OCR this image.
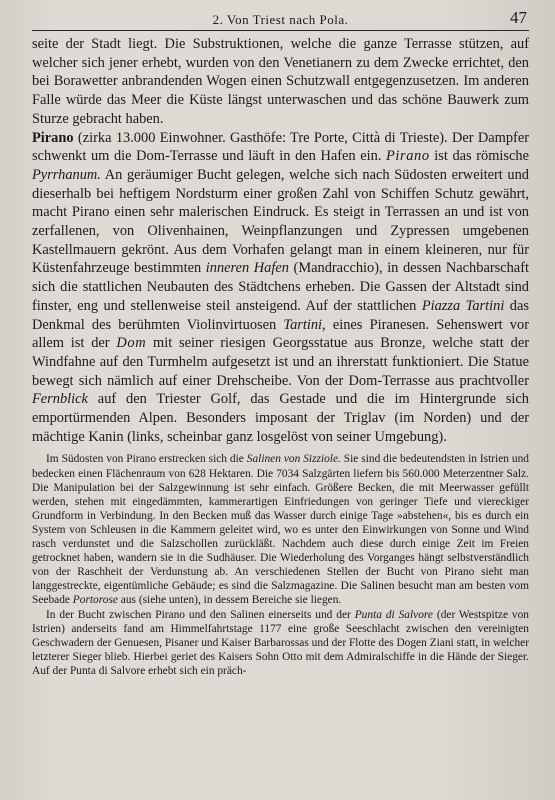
2. Von Triest nach Pola.	47

seite der Stadt liegt. Die Substruktionen, welche die ganze Terrasse stützen, auf welcher sich jener erhebt, wurden von den Venetianern zu dem Zwecke errichtet, den bei Borawetter anbrandenden Wogen einen Schutzwall entgegenzusetzen. Im anderen Falle würde das Meer die Küste längst unterwaschen und das schöne Bauwerk zum Sturze gebracht haben.

Pirano (zirka 13.000 Einwohner. Gasthöfe: Tre Porte, Città di Trieste). Der Dampfer schwenkt um die Dom-Terrasse und läuft in den Hafen ein. Pirano ist das römische Pyrrhanum. An geräumiger Bucht gelegen, welche sich nach Südosten erweitert und dieserhalb bei heftigem Nordsturm einer großen Zahl von Schiffen Schutz gewährt, macht Pirano einen sehr malerischen Eindruck. Es steigt in Terrassen an und ist von zerfallenen, von Olivenhainen, Weinpflanzungen und Zypressen umgebenen Kastellmauern gekrönt. Aus dem Vorhafen gelangt man in einem kleineren, nur für Küstenfahrzeuge bestimmten inneren Hafen (Mandracchio), in dessen Nachbarschaft sich die stattlichen Neubauten des Städtchens erheben. Die Gassen der Altstadt sind finster, eng und stellenweise steil ansteigend. Auf der stattlichen Piazza Tartini das Denkmal des berühmten Violinvirtuosen Tartini, eines Piranesen. Sehenswert vor allem ist der Dom mit seiner riesigen Georgsstatue aus Bronze, welche statt der Windfahne auf den Turmhelm aufgesetzt ist und an ihrerstatt funktioniert. Die Statue bewegt sich nämlich auf einer Drehscheibe. Von der Dom-Terrasse aus prachtvoller Fernblick auf den Triester Golf, das Gestade und die im Hintergrunde sich emportürmenden Alpen. Besonders imposant der Triglav (im Norden) und der mächtige Kanin (links, scheinbar ganz losgelöst von seiner Umgebung).

Im Südosten von Pirano erstrecken sich die Salinen von Sizziole. Sie sind die bedeutendsten in Istrien und bedecken einen Flächenraum von 628 Hektaren. Die 7034 Salzgärten liefern bis 560.000 Meterzentner Salz. Die Manipulation bei der Salzgewinnung ist sehr einfach. Größere Becken, die mit Meerwasser gefüllt werden, stehen mit eingedämmten, kammerartigen Einfriedungen von geringer Tiefe und viereckiger Grundform in Verbindung. In den Becken muß das Wasser durch einige Tage »abstehen«, bis es durch ein System von Schleusen in die Kammern geleitet wird, wo es unter den Einwirkungen von Sonne und Wind rasch verdunstet und die Salzschollen zurückläßt. Nachdem auch diese durch einige Zeit im Freien getrocknet haben, wandern sie in die Sudhäuser. Die Wiederholung des Vorganges hängt selbstverständlich von der Raschheit der Verdunstung ab. An verschiedenen Stellen der Bucht von Pirano sieht man langgestreckte, eigentümliche Gebäude; es sind die Salzmagazine. Die Salinen besucht man am besten vom Seebade Portorose aus (siehe unten), in dessem Bereiche sie liegen.

In der Bucht zwischen Pirano und den Salinen einerseits und der Punta di Salvore (der Westspitze von Istrien) anderseits fand am Himmelfahrtstage 1177 eine große Seeschlacht zwischen den vereinigten Geschwadern der Genuesen, Pisaner und Kaiser Barbarossas und der Flotte des Dogen Ziani statt, in welcher letzterer Sieger blieb. Hierbei geriet des Kaisers Sohn Otto mit dem Admiralschiffe in die Hände der Sieger. Auf der Punta di Salvore erhebt sich ein präch-
